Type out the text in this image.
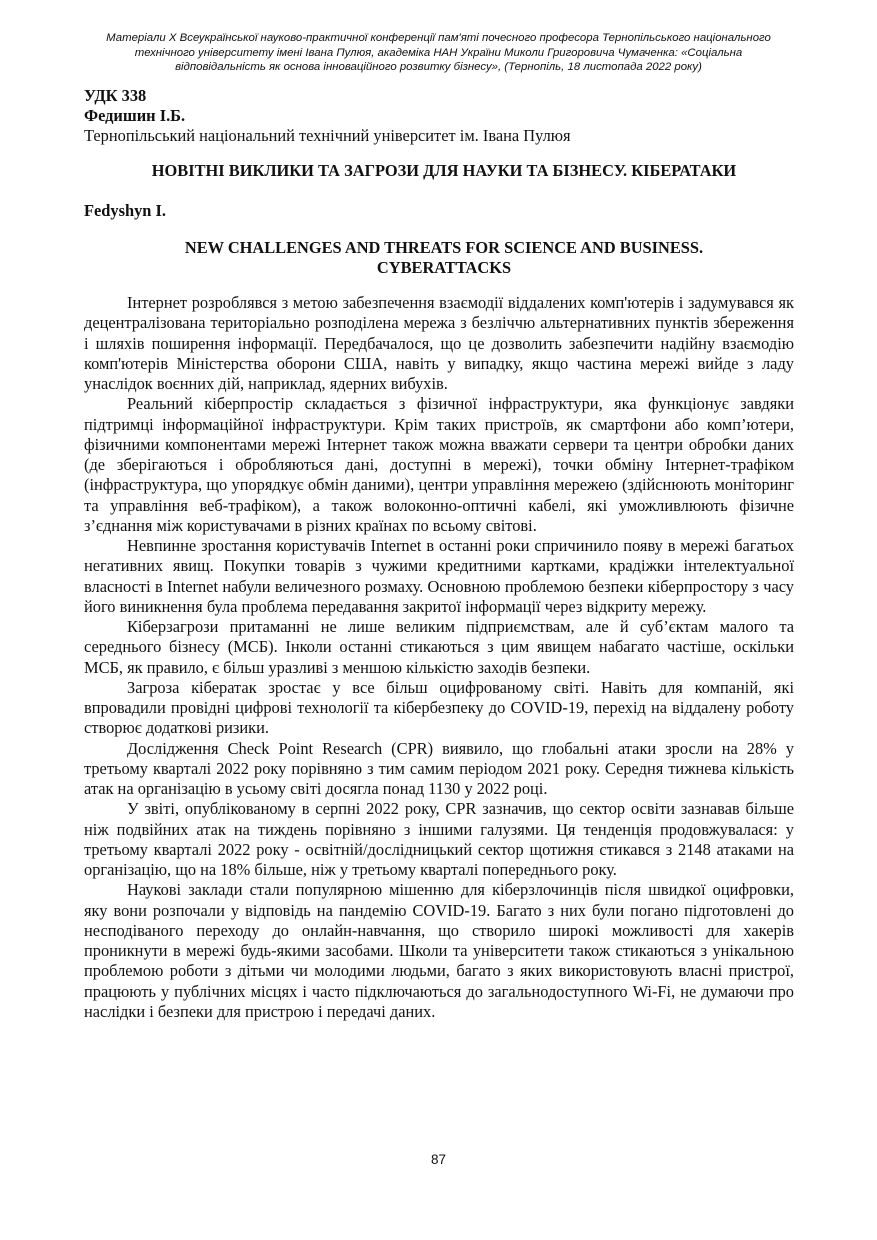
Матеріали X Всеукраїнської науково-практичної конференції пам'яті почесного професора Тернопільського національного
технічного університету імені Івана Пулюя, академіка НАН України Миколи Григоровича Чумаченка: «Соціальна
відповідальність як основа інноваційного розвитку бізнесу», (Тернопіль, 18 листопада 2022 року)
УДК 338
Федишин І.Б.
Тернопільський національний технічний університет ім. Івана Пулюя
НОВІТНІ ВИКЛИКИ ТА ЗАГРОЗИ ДЛЯ НАУКИ ТА БІЗНЕСУ. КІБЕРАТАКИ
Fedyshyn I.
NEW CHALLENGES AND THREATS FOR SCIENCE AND BUSINESS.
CYBERATTACKS

Інтернет розроблявся з метою забезпечення взаємодії віддалених комп'ютерів і задумувався як децентралізована територіально розподілена мережа з безліччю альтернативних пунктів збереження і шляхів поширення інформації. Передбачалося, що це дозволить забезпечити надійну взаємодію комп'ютерів Міністерства оборони США, навіть у випадку, якщо частина мережі вийде з ладу унаслідок воєнних дій, наприклад, ядерних вибухів.

Реальний кіберпростір складається з фізичної інфраструктури, яка функціонує завдяки підтримці інформаційної інфраструктури. Крім таких пристроїв, як смартфони або комп’ютери, фізичними компонентами мережі Інтернет також можна вважати сервери та центри обробки даних (де зберігаються і обробляються дані, доступні в мережі), точки обміну Інтернет-трафіком (інфраструктура, що упорядкує обмін даними), центри управління мережею (здійснюють моніторинг та управління веб-трафіком), а також волоконно-оптичні кабелі, які уможливлюють фізичне з’єднання між користувачами в різних країнах по всьому світові.

Невпинне зростання користувачів Internet в останні роки спричинило появу в мережі багатьох негативних явищ. Покупки товарів з чужими кредитними картками, крадіжки інтелектуальної власності в Internet набули величезного розмаху. Основною проблемою безпеки кіберпростору з часу його виникнення була проблема передавання закритої інформації через відкриту мережу.

Кіберзагрози притаманні не лише великим підприємствам, але й суб’єктам малого та середнього бізнесу (МСБ). Інколи останні стикаються з цим явищем набагато частіше, оскільки МСБ, як правило, є більш уразливі з меншою кількістю заходів безпеки.

Загроза кібератак зростає у все більш оцифрованому світі. Навіть для компаній, які впровадили провідні цифрові технології та кібербезпеку до COVID-19, перехід на віддалену роботу створює додаткові ризики.

Дослідження Check Point Research (CPR) виявило, що глобальні атаки зросли на 28% у третьому кварталі 2022 року порівняно з тим самим періодом 2021 року. Середня тижнева кількість атак на організацію в усьому світі досягла понад 1130 у 2022 році.

У звіті, опублікованому в серпні 2022 року, CPR зазначив, що сектор освіти зазнавав більше ніж подвійних атак на тиждень порівняно з іншими галузями. Ця тенденція продовжувалася: у третьому кварталі 2022 року - освітній/дослідницький сектор щотижня стикався з 2148 атаками на організацію, що на 18% більше, ніж у третьому кварталі попереднього року.

Наукові заклади стали популярною мішенню для кіберзлочинців після швидкої оцифровки, яку вони розпочали у відповідь на пандемію COVID-19. Багато з них були погано підготовлені до несподіваного переходу до онлайн-навчання, що створило широкі можливості для хакерів проникнути в мережі будь-якими засобами. Школи та університети також стикаються з унікальною проблемою роботи з дітьми чи молодими людьми, багато з яких використовують власні пристрої, працюють у публічних місцях і часто підключаються до загальнодоступного Wi-Fi, не думаючи про наслідки і безпеки для пристрою і передачі даних.

87
